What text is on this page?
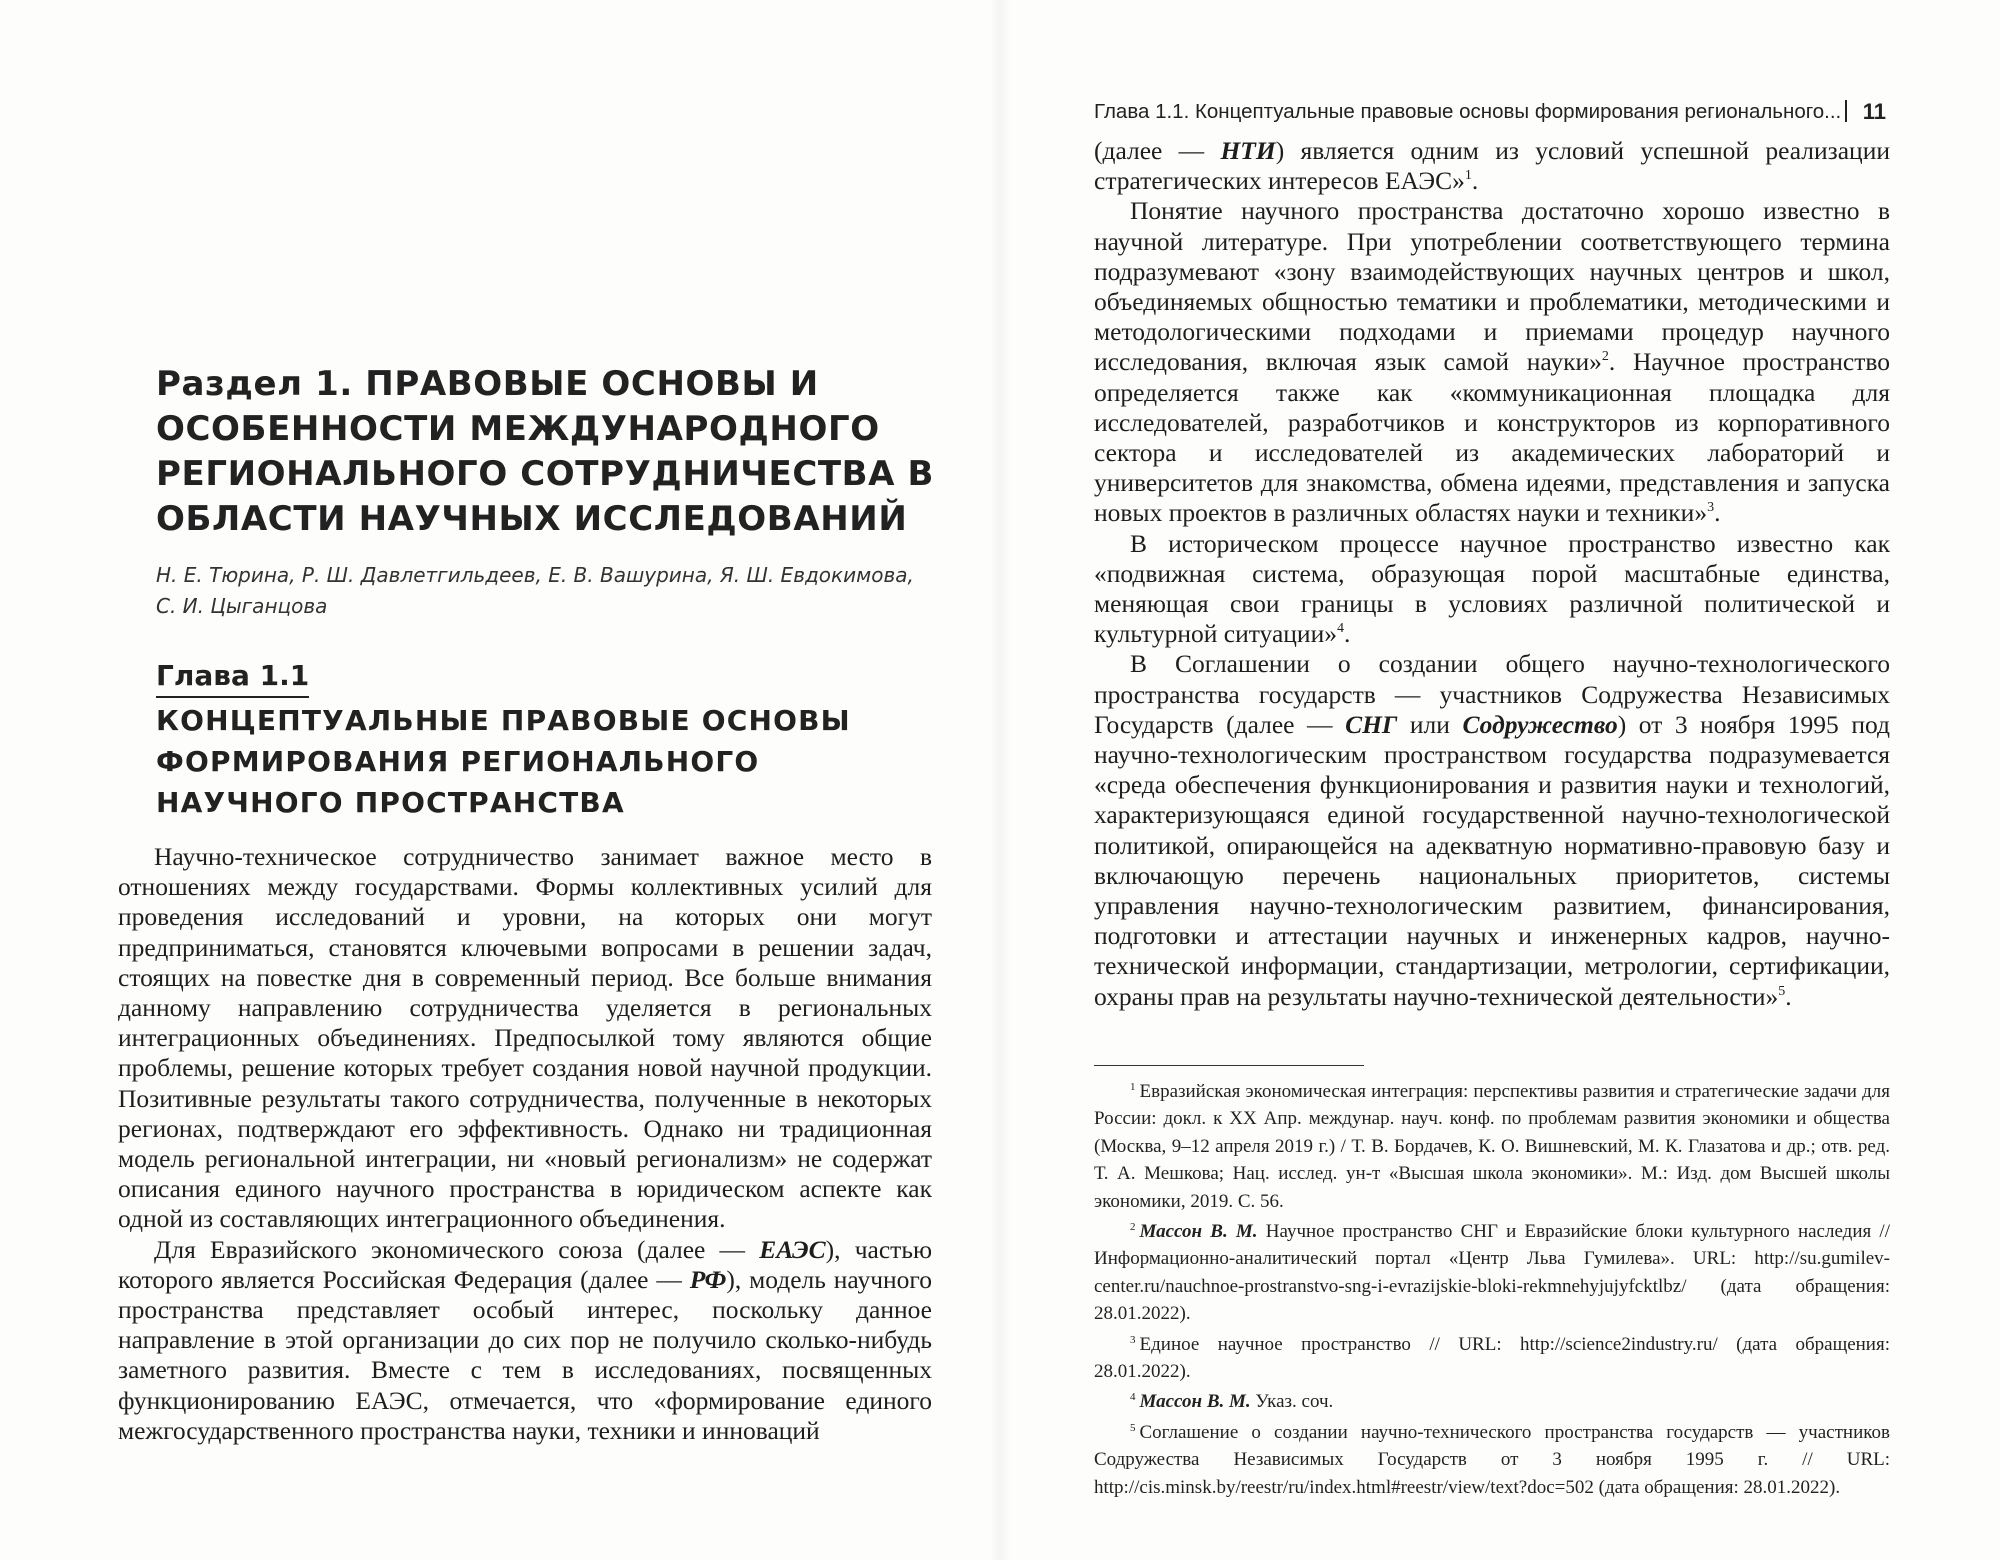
Раздел 1. ПРАВОВЫЕ ОСНОВЫ И ОСОБЕННОСТИ МЕЖДУНАРОДНОГО РЕГИОНАЛЬНОГО СОТРУДНИЧЕСТВА В ОБЛАСТИ НАУЧНЫХ ИССЛЕДОВАНИЙ

Н. Е. Тюрина, Р. Ш. Давлетгильдеев, Е. В. Вашурина, Я. Ш. Евдокимова, С. И. Цыганцова

Глава 1.1
КОНЦЕПТУАЛЬНЫЕ ПРАВОВЫЕ ОСНОВЫ ФОРМИРОВАНИЯ РЕГИОНАЛЬНОГО НАУЧНОГО ПРОСТРАНСТВА

Научно-техническое сотрудничество занимает важное место в отношениях между государствами. Формы коллективных усилий для проведения исследований и уровни, на которых они могут предприниматься, становятся ключевыми вопросами в решении задач, стоящих на повестке дня в современный период. Все больше внимания данному направлению сотрудничества уделяется в региональных интеграционных объединениях. Предпосылкой тому являются общие проблемы, решение которых требует создания новой научной продукции. Позитивные результаты такого сотрудничества, полученные в некоторых регионах, подтверждают его эффективность. Однако ни традиционная модель региональной интеграции, ни «новый регионализм» не содержат описания единого научного пространства в юридическом аспекте как одной из составляющих интеграционного объединения.

Для Евразийского экономического союза (далее — ЕАЭС), частью которого является Российская Федерация (далее — РФ), модель научного пространства представляет особый интерес, поскольку данное направление в этой организации до сих пор не получило сколько-нибудь заметного развития. Вместе с тем в исследованиях, посвященных функционированию ЕАЭС, отмечается, что «формирование единого межгосударственного пространства науки, техники и инноваций

Глава 1.1. Концептуальные правовые основы формирования регионального... 11

(далее — НТИ) является одним из условий успешной реализации стратегических интересов ЕАЭС»$^1$.

Понятие научного пространства достаточно хорошо известно в научной литературе. При употреблении соответствующего термина подразумевают «зону взаимодействующих научных центров и школ, объединяемых общностью тематики и проблематики, методическими и методологическими подходами и приемами процедур научного исследования, включая язык самой науки»$^2$. Научное пространство определяется также как «коммуникационная площадка для исследователей, разработчиков и конструкторов из корпоративного сектора и исследователей из академических лабораторий и университетов для знакомства, обмена идеями, представления и запуска новых проектов в различных областях науки и техники»$^3$.

В историческом процессе научное пространство известно как «подвижная система, образующая порой масштабные единства, меняющая свои границы в условиях различной политической и культурной ситуации»$^4$.

В Соглашении о создании общего научно-технологического пространства государств — участников Содружества Независимых Государств (далее — СНГ или Содружество) от 3 ноября 1995 под научно-технологическим пространством государства подразумевается «среда обеспечения функционирования и развития науки и технологий, характеризующаяся единой государственной научно-технологической политикой, опирающейся на адекватную нормативно-правовую базу и включающую перечень национальных приоритетов, системы управления научно-технологическим развитием, финансирования, подготовки и аттестации научных и инженерных кадров, научно-технической информации, стандартизации, метрологии, сертификации, охраны прав на результаты научно-технической деятельности»$^5$.

$^1$ Евразийская экономическая интеграция: перспективы развития и стратегические задачи для России: докл. к XX Апр. междунар. науч. конф. по проблемам развития экономики и общества (Москва, 9–12 апреля 2019 г.) / Т. В. Бордачев, К. О. Вишневский, М. К. Глазатова и др.; отв. ред. Т. А. Мешкова; Нац. исслед. ун-т «Высшая школа экономики». М.: Изд. дом Высшей школы экономики, 2019. С. 56.

$^2$ Массон В. М. Научное пространство СНГ и Евразийские блоки культурного наследия // Информационно-аналитический портал «Центр Льва Гумилева». URL: http://su.gumilev-center.ru/nauchnoe-prostranstvo-sng-i-evrazijskie-bloki-rekmnehyjujyfcktlbz/ (дата обращения: 28.01.2022).

$^3$ Единое научное пространство // URL: http://science2industry.ru/ (дата обращения: 28.01.2022).

$^4$ Массон В. М. Указ. соч.

$^5$ Соглашение о создании научно-технического пространства государств — участников Содружества Независимых Государств от 3 ноября 1995 г. // URL: http://cis.minsk.by/reestr/ru/index.html#reestr/view/text?doc=502 (дата обращения: 28.01.2022).
